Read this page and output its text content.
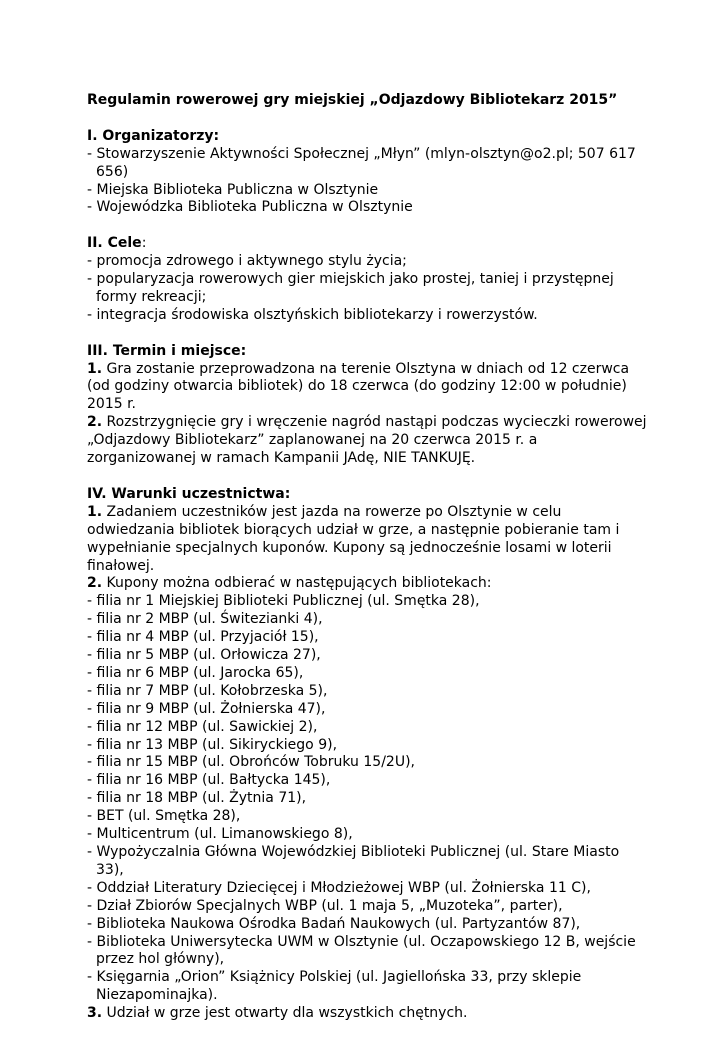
Regulamin rowerowej gry miejskiej „Odjazdowy Bibliotekarz 2015”

I. Organizatorzy:

- Stowarzyszenie Aktywności Społecznej „Młyn” (mlyn-olsztyn@o2.pl; 507 617 656)

- Miejska Biblioteka Publiczna w Olsztynie

- Wojewódzka Biblioteka Publiczna w Olsztynie

II. Cele:

- promocja zdrowego i aktywnego stylu życia;

- popularyzacja rowerowych gier miejskich jako prostej, taniej i przystępnej formy rekreacji;

- integracja środowiska olsztyńskich bibliotekarzy i rowerzystów.

III. Termin i miejsce:

1. Gra zostanie przeprowadzona na terenie Olsztyna w dniach od 12 czerwca (od godziny otwarcia bibliotek) do 18 czerwca (do godziny 12:00 w południe) 2015 r.

2. Rozstrzygnięcie gry i wręczenie nagród nastąpi podczas wycieczki rowerowej „Odjazdowy Bibliotekarz” zaplanowanej na 20 czerwca 2015 r. a zorganizowanej w ramach Kampanii JAdę, NIE TANKUJĘ.

IV. Warunki uczestnictwa:

1. Zadaniem uczestników jest jazda na rowerze po Olsztynie w celu odwiedzania bibliotek biorących udział w grze, a następnie pobieranie tam i wypełnianie specjalnych kuponów. Kupony są jednocześnie losami w loterii finałowej.

2. Kupony można odbierać w następujących bibliotekach:

- filia nr 1 Miejskiej Biblioteki Publicznej (ul. Smętka 28),

- filia nr 2 MBP (ul. Świtezianki 4),

- filia nr 4 MBP (ul. Przyjaciół 15),

- filia nr 5 MBP (ul. Orłowicza 27),

- filia nr 6 MBP (ul. Jarocka 65),

- filia nr 7 MBP (ul. Kołobrzeska 5),

- filia nr 9 MBP (ul. Żołnierska 47),

- filia nr 12 MBP (ul. Sawickiej 2),

- filia nr 13 MBP (ul. Sikiryckiego 9),

- filia nr 15 MBP (ul. Obrońców Tobruku 15/2U),

- filia nr 16 MBP (ul. Bałtycka 145),

- filia nr 18 MBP (ul. Żytnia 71),

- BET (ul. Smętka 28),

- Multicentrum (ul. Limanowskiego 8),

- Wypożyczalnia Główna Wojewódzkiej Biblioteki Publicznej (ul. Stare Miasto 33),

- Oddział Literatury Dziecięcej i Młodzieżowej WBP (ul. Żołnierska 11 C),

- Dział Zbiorów Specjalnych WBP (ul. 1 maja 5, „Muzoteka”, parter),

- Biblioteka Naukowa Ośrodka Badań Naukowych (ul. Partyzantów 87),

- Biblioteka Uniwersytecka UWM w Olsztynie (ul. Oczapowskiego 12 B, wejście przez hol główny),

- Księgarnia „Orion” Książnicy Polskiej (ul. Jagiellońska 33, przy sklepie Niezapominajka).

3. Udział w grze jest otwarty dla wszystkich chętnych.
